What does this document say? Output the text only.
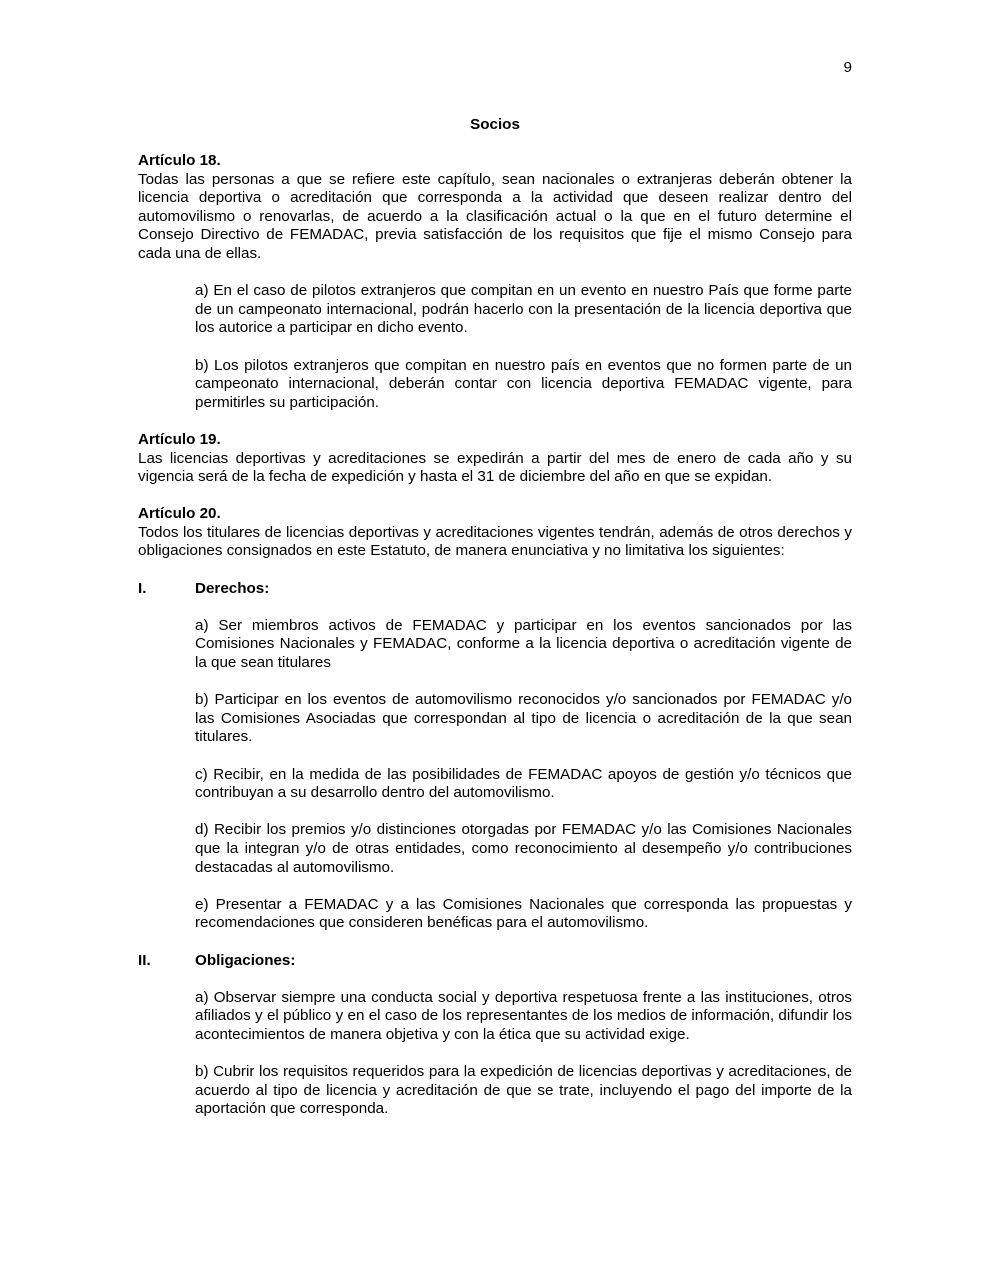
9
Socios

Artículo 18.

Todas las personas a que se refiere este capítulo, sean nacionales o extranjeras deberán obtener la licencia deportiva o acreditación que corresponda a la actividad que deseen realizar dentro del automovilismo o renovarlas, de acuerdo a la clasificación actual o la que en el futuro determine el Consejo Directivo de FEMADAC, previa satisfacción de los requisitos que fije el mismo Consejo para cada una de ellas.

a) En el caso de pilotos extranjeros que compitan en un evento en nuestro País que forme parte de un campeonato internacional, podrán hacerlo con la presentación de la licencia deportiva que los autorice a participar en dicho evento.

b) Los pilotos extranjeros que compitan en nuestro país en eventos que no formen parte de un campeonato internacional, deberán contar con licencia deportiva FEMADAC vigente, para permitirles su participación.

Artículo 19.

Las licencias deportivas y acreditaciones se expedirán a partir del mes de enero de cada año y su vigencia será de la fecha de expedición y hasta el 31 de diciembre del año en que se expidan.

Artículo 20.

Todos los titulares de licencias deportivas y acreditaciones vigentes tendrán, además de otros derechos y obligaciones consignados en este Estatuto, de manera enunciativa y no limitativa los siguientes:

I.	Derechos:

a) Ser miembros activos de FEMADAC y participar en los eventos sancionados por las Comisiones Nacionales y FEMADAC, conforme a la licencia deportiva o acreditación vigente de la que sean titulares

b) Participar en los eventos de automovilismo reconocidos y/o sancionados por FEMADAC y/o las Comisiones Asociadas que correspondan al tipo de licencia o acreditación de la que sean titulares.

c) Recibir, en la medida de las posibilidades de FEMADAC apoyos de gestión y/o técnicos que contribuyan a su desarrollo dentro del automovilismo.

d) Recibir los premios y/o distinciones otorgadas por FEMADAC y/o las Comisiones Nacionales que la integran y/o de otras entidades, como reconocimiento al desempeño y/o contribuciones destacadas al automovilismo.

e) Presentar a FEMADAC y a las Comisiones Nacionales que corresponda las propuestas y recomendaciones que consideren benéficas para el automovilismo.

II.	Obligaciones:

a) Observar siempre una conducta social y deportiva respetuosa frente a las instituciones, otros afiliados y el público y en el caso de los representantes de los medios de información, difundir los acontecimientos de manera objetiva y con la ética que su actividad exige.

b) Cubrir los requisitos requeridos para la expedición de licencias deportivas y acreditaciones, de acuerdo al tipo de licencia y acreditación de que se trate, incluyendo el pago del importe de la aportación que corresponda.
